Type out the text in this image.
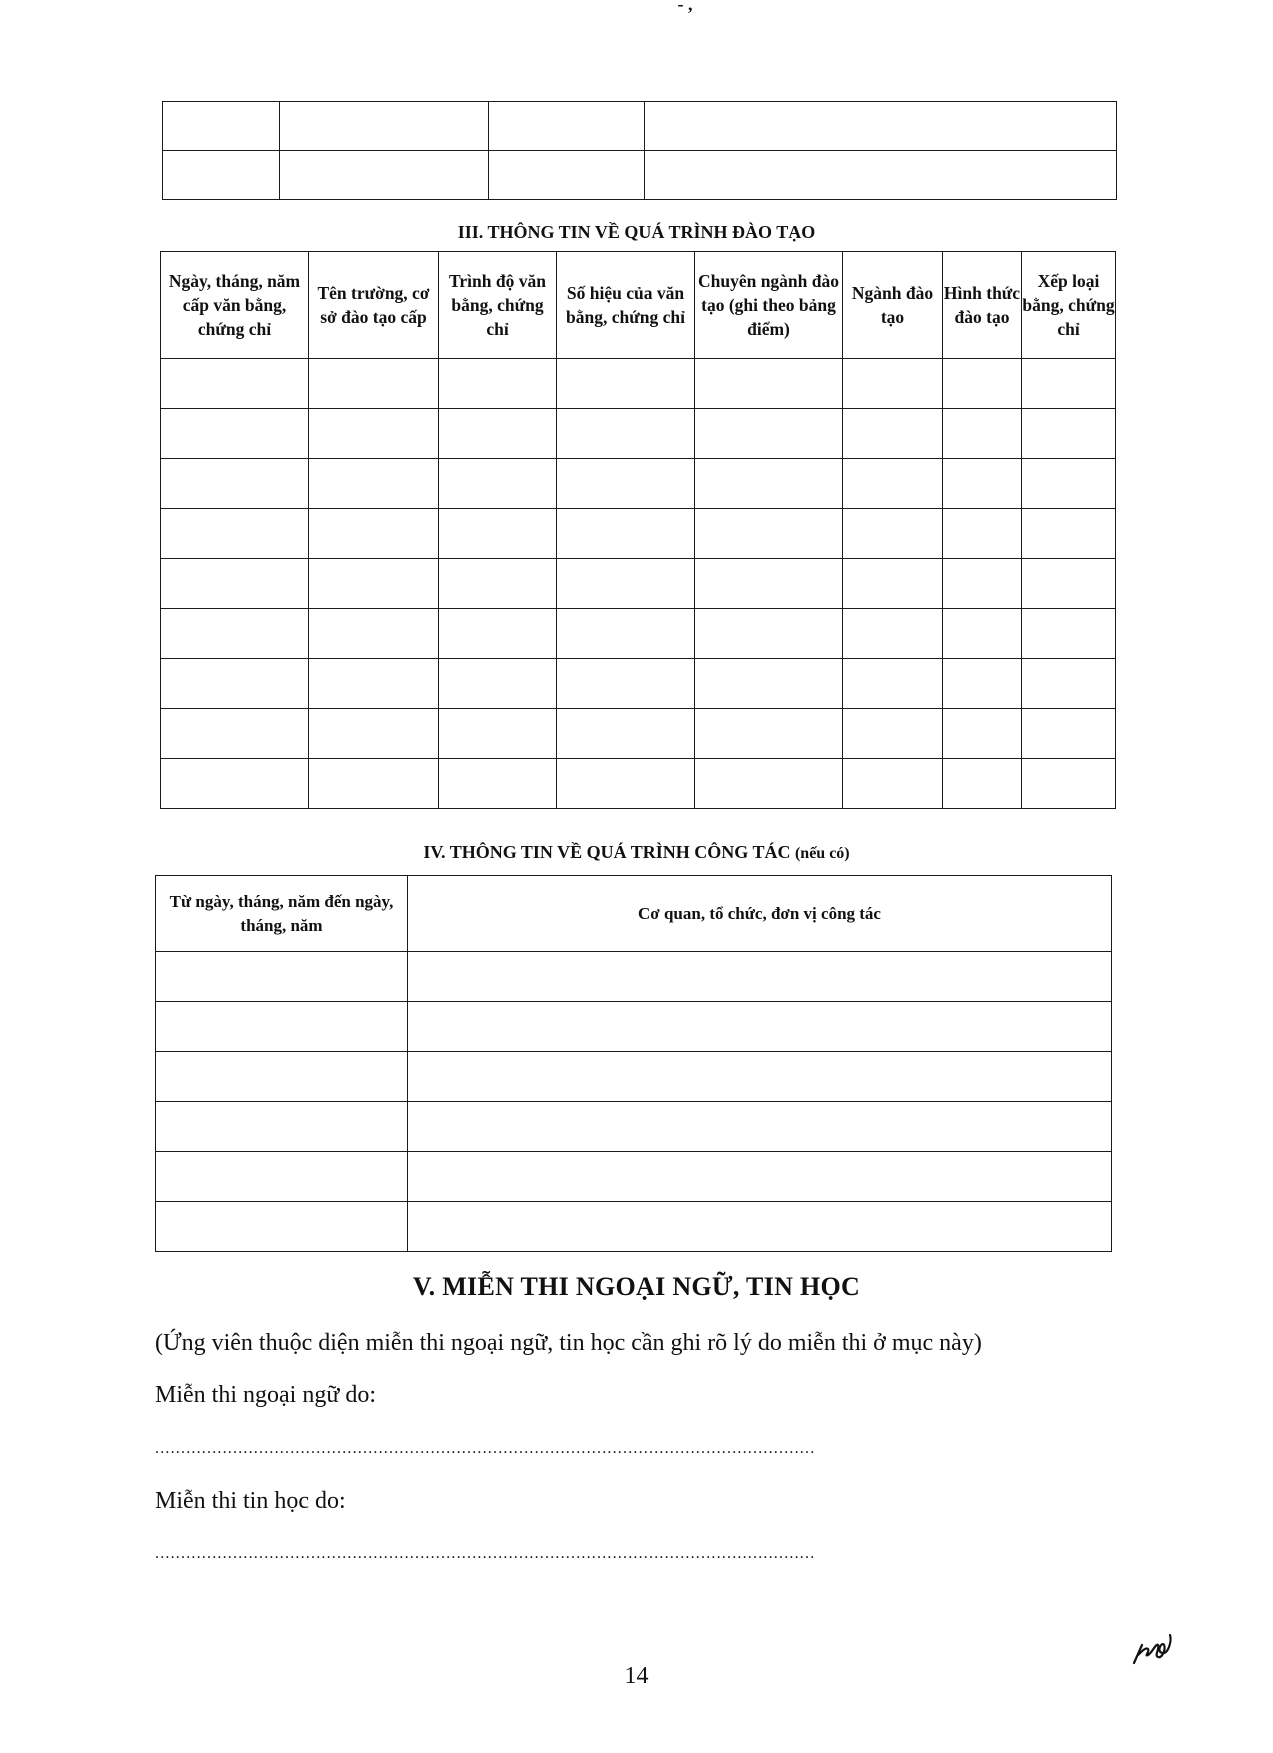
- ,

III. THÔNG TIN VỀ QUÁ TRÌNH ĐÀO TẠO
Ngày, tháng, năm cấp văn bằng, chứng chỉ	Tên trường, cơ sở đào tạo cấp	Trình độ văn bằng, chứng chỉ	Số hiệu của văn bằng, chứng chỉ	Chuyên ngành đào tạo (ghi theo bảng điểm)	Ngành đào tạo	Hình thức đào tạo	Xếp loại bằng, chứng chỉ

IV. THÔNG TIN VỀ QUÁ TRÌNH CÔNG TÁC (nếu có)
Từ ngày, tháng, năm đến ngày, tháng, năm	Cơ quan, tổ chức, đơn vị công tác

V. MIỄN THI NGOẠI NGỮ, TIN HỌC
(Ứng viên thuộc diện miễn thi ngoại ngữ, tin học cần ghi rõ lý do miễn thi ở mục này)
Miễn thi ngoại ngữ do:
...............................................................................................................................
Miễn thi tin học do:
...............................................................................................................................
14
